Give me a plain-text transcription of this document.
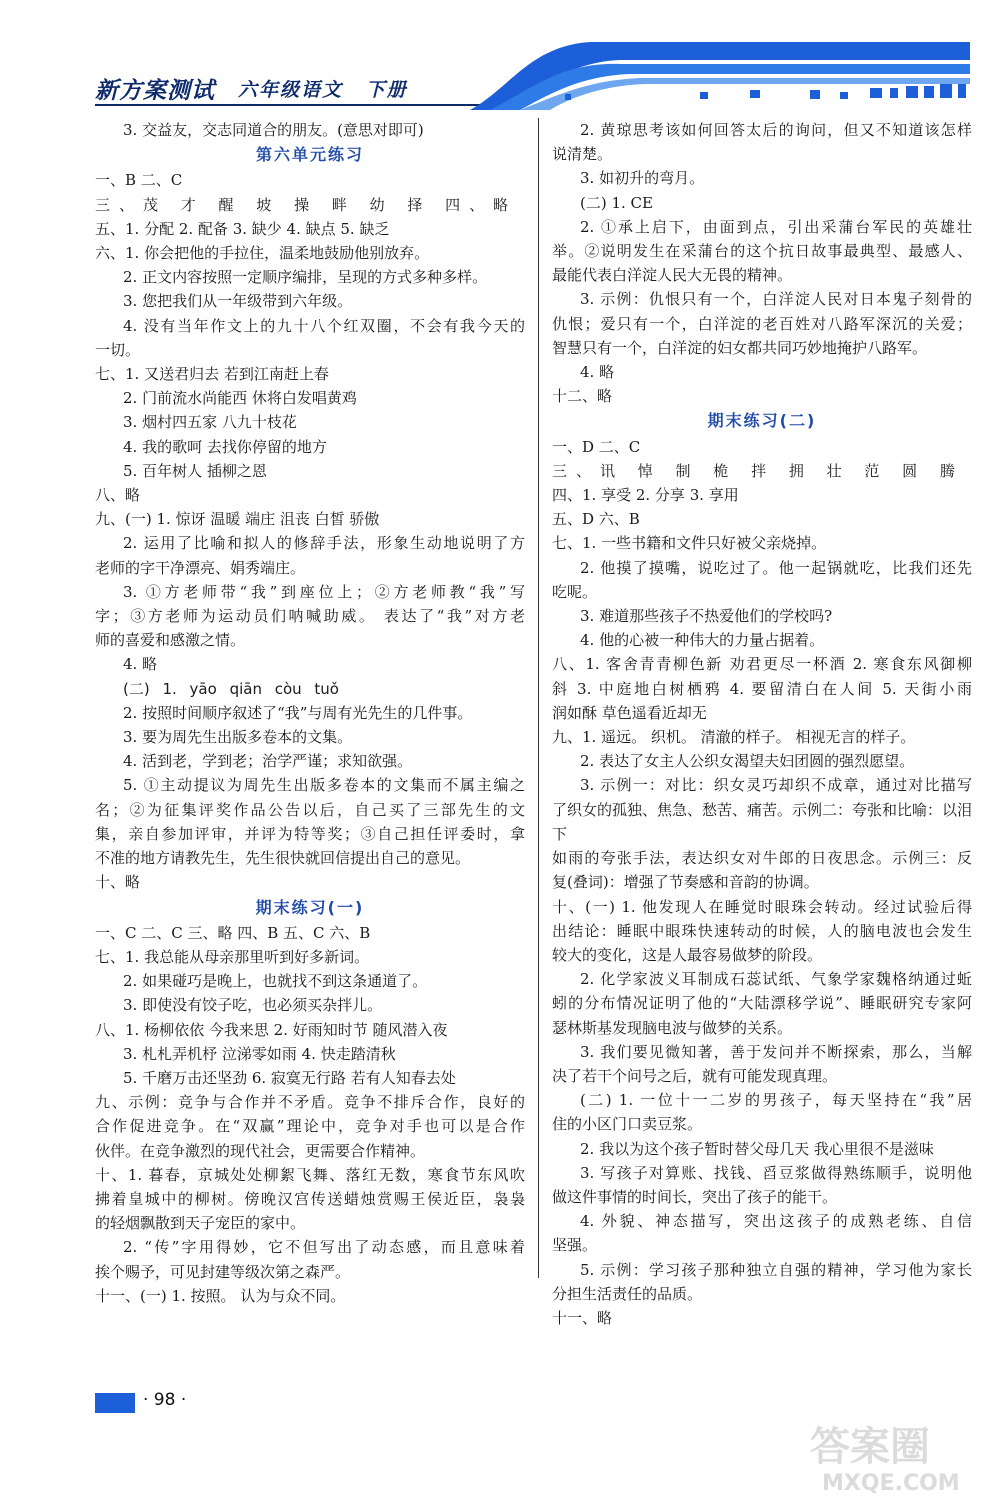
新方案测试 六年级语文 下册
3. 交益友，交志同道合的朋友。(意思对即可)
第六单元练习
一、B 二、C
三、茂 才 醒 坡 操 畔 幼 择 四、略
五、1. 分配 2. 配备 3. 缺少 4. 缺点 5. 缺乏
六、1. 你会把他的手拉住，温柔地鼓励他别放弃。
2. 正文内容按照一定顺序编排，呈现的方式多种多样。
3. 您把我们从一年级带到六年级。
4. 没有当年作文上的九十八个红双圈，不会有我今天的
一切。
七、1. 又送君归去 若到江南赶上春
2. 门前流水尚能西 休将白发唱黄鸡
3. 烟村四五家 八九十枝花
4. 我的歌呵 去找你停留的地方
5. 百年树人 插柳之恩
八、略
九、(一) 1. 惊讶 温暖 端庄 沮丧 白皙 骄傲
2. 运用了比喻和拟人的修辞手法，形象生动地说明了方
老师的字干净漂亮、娟秀端庄。
3. ①方老师带“我”到座位上；②方老师教“我”写
字；③方老师为运动员们呐喊助威。 表达了“我”对方老
师的喜爱和感激之情。
4. 略
(二) 1. yāo qiān còu tuǒ
2. 按照时间顺序叙述了“我”与周有光先生的几件事。
3. 要为周先生出版多卷本的文集。
4. 活到老，学到老；治学严谨；求知欲强。
5. ①主动提议为周先生出版多卷本的文集而不属主编之
名；②为征集评奖作品公告以后，自己买了三部先生的文
集，亲自参加评审，并评为特等奖；③自己担任评委时，拿
不准的地方请教先生，先生很快就回信提出自己的意见。
十、略
期末练习(一)
一、C 二、C 三、略 四、B 五、C 六、B
七、1. 我总能从母亲那里听到好多新词。
2. 如果碰巧是晚上，也就找不到这条通道了。
3. 即使没有饺子吃，也必须买杂拌儿。
八、1. 杨柳依依 今我来思 2. 好雨知时节 随风潜入夜
3. 札札弄机杼 泣涕零如雨 4. 快走踏清秋
5. 千磨万击还坚劲 6. 寂寞无行路 若有人知春去处
九、示例：竞争与合作并不矛盾。竞争不排斥合作，良好的
合作促进竞争。在“双赢”理论中，竞争对手也可以是合作
伙伴。在竞争激烈的现代社会，更需要合作精神。
十、1. 暮春，京城处处柳絮飞舞、落红无数，寒食节东风吹
拂着皇城中的柳树。傍晚汉宫传送蜡烛赏赐王侯近臣，袅袅
的轻烟飘散到天子宠臣的家中。
2. “传”字用得妙，它不但写出了动态感，而且意味着
挨个赐予，可见封建等级次第之森严。
十一、(一) 1. 按照。 认为与众不同。
2. 黄琼思考该如何回答太后的询问，但又不知道该怎样
说清楚。
3. 如初升的弯月。
(二) 1. CE
2. ①承上启下，由面到点，引出采蒲台军民的英雄壮
举。②说明发生在采蒲台的这个抗日故事最典型、最感人、
最能代表白洋淀人民大无畏的精神。
3. 示例：仇恨只有一个，白洋淀人民对日本鬼子刻骨的
仇恨；爱只有一个，白洋淀的老百姓对八路军深沉的关爱；
智慧只有一个，白洋淀的妇女都共同巧妙地掩护八路军。
4. 略
十二、略
期末练习(二)
一、D 二、C
三、讯 悼 制 桅 拌 拥 壮 范 圆 腾
四、1. 享受 2. 分享 3. 享用
五、D 六、B
七、1. 一些书籍和文件只好被父亲烧掉。
2. 他摸了摸嘴，说吃过了。他一起锅就吃，比我们还先
吃呢。
3. 难道那些孩子不热爱他们的学校吗?
4. 他的心被一种伟大的力量占据着。
八、1. 客舍青青柳色新 劝君更尽一杯酒 2. 寒食东风御柳
斜 3. 中庭地白树栖鸦 4. 要留清白在人间 5. 天街小雨
润如酥 草色遥看近却无
九、1. 遥远。 织机。 清澈的样子。 相视无言的样子。
2. 表达了女主人公织女渴望夫妇团圆的强烈愿望。
3. 示例一：对比：织女灵巧却织不成章，通过对比描写
了织女的孤独、焦急、愁苦、痛苦。示例二：夸张和比喻：以泪下
如雨的夸张手法，表达织女对牛郎的日夜思念。示例三：反
复(叠词)：增强了节奏感和音韵的协调。
十、(一) 1. 他发现人在睡觉时眼珠会转动。经过试验后得
出结论：睡眠中眼珠快速转动的时候，人的脑电波也会发生
较大的变化，这是人最容易做梦的阶段。
2. 化学家波义耳制成石蕊试纸、气象学家魏格纳通过蚯
蚓的分布情况证明了他的“大陆漂移学说”、睡眠研究专家阿
瑟林斯基发现脑电波与做梦的关系。
3. 我们要见微知著，善于发问并不断探索，那么，当解
决了若干个问号之后，就有可能发现真理。
(二) 1. 一位十一二岁的男孩子，每天坚持在“我”居
住的小区门口卖豆浆。
2. 我以为这个孩子暂时替父母几天 我心里很不是滋味
3. 写孩子对算账、找钱、舀豆浆做得熟练顺手，说明他
做这件事情的时间长，突出了孩子的能干。
4. 外貌、神态描写，突出这孩子的成熟老练、自信
坚强。
5. 示例：学习孩子那种独立自强的精神，学习他为家长
分担生活责任的品质。
十一、略
· 98 ·
答案圈
MXQE.COM
